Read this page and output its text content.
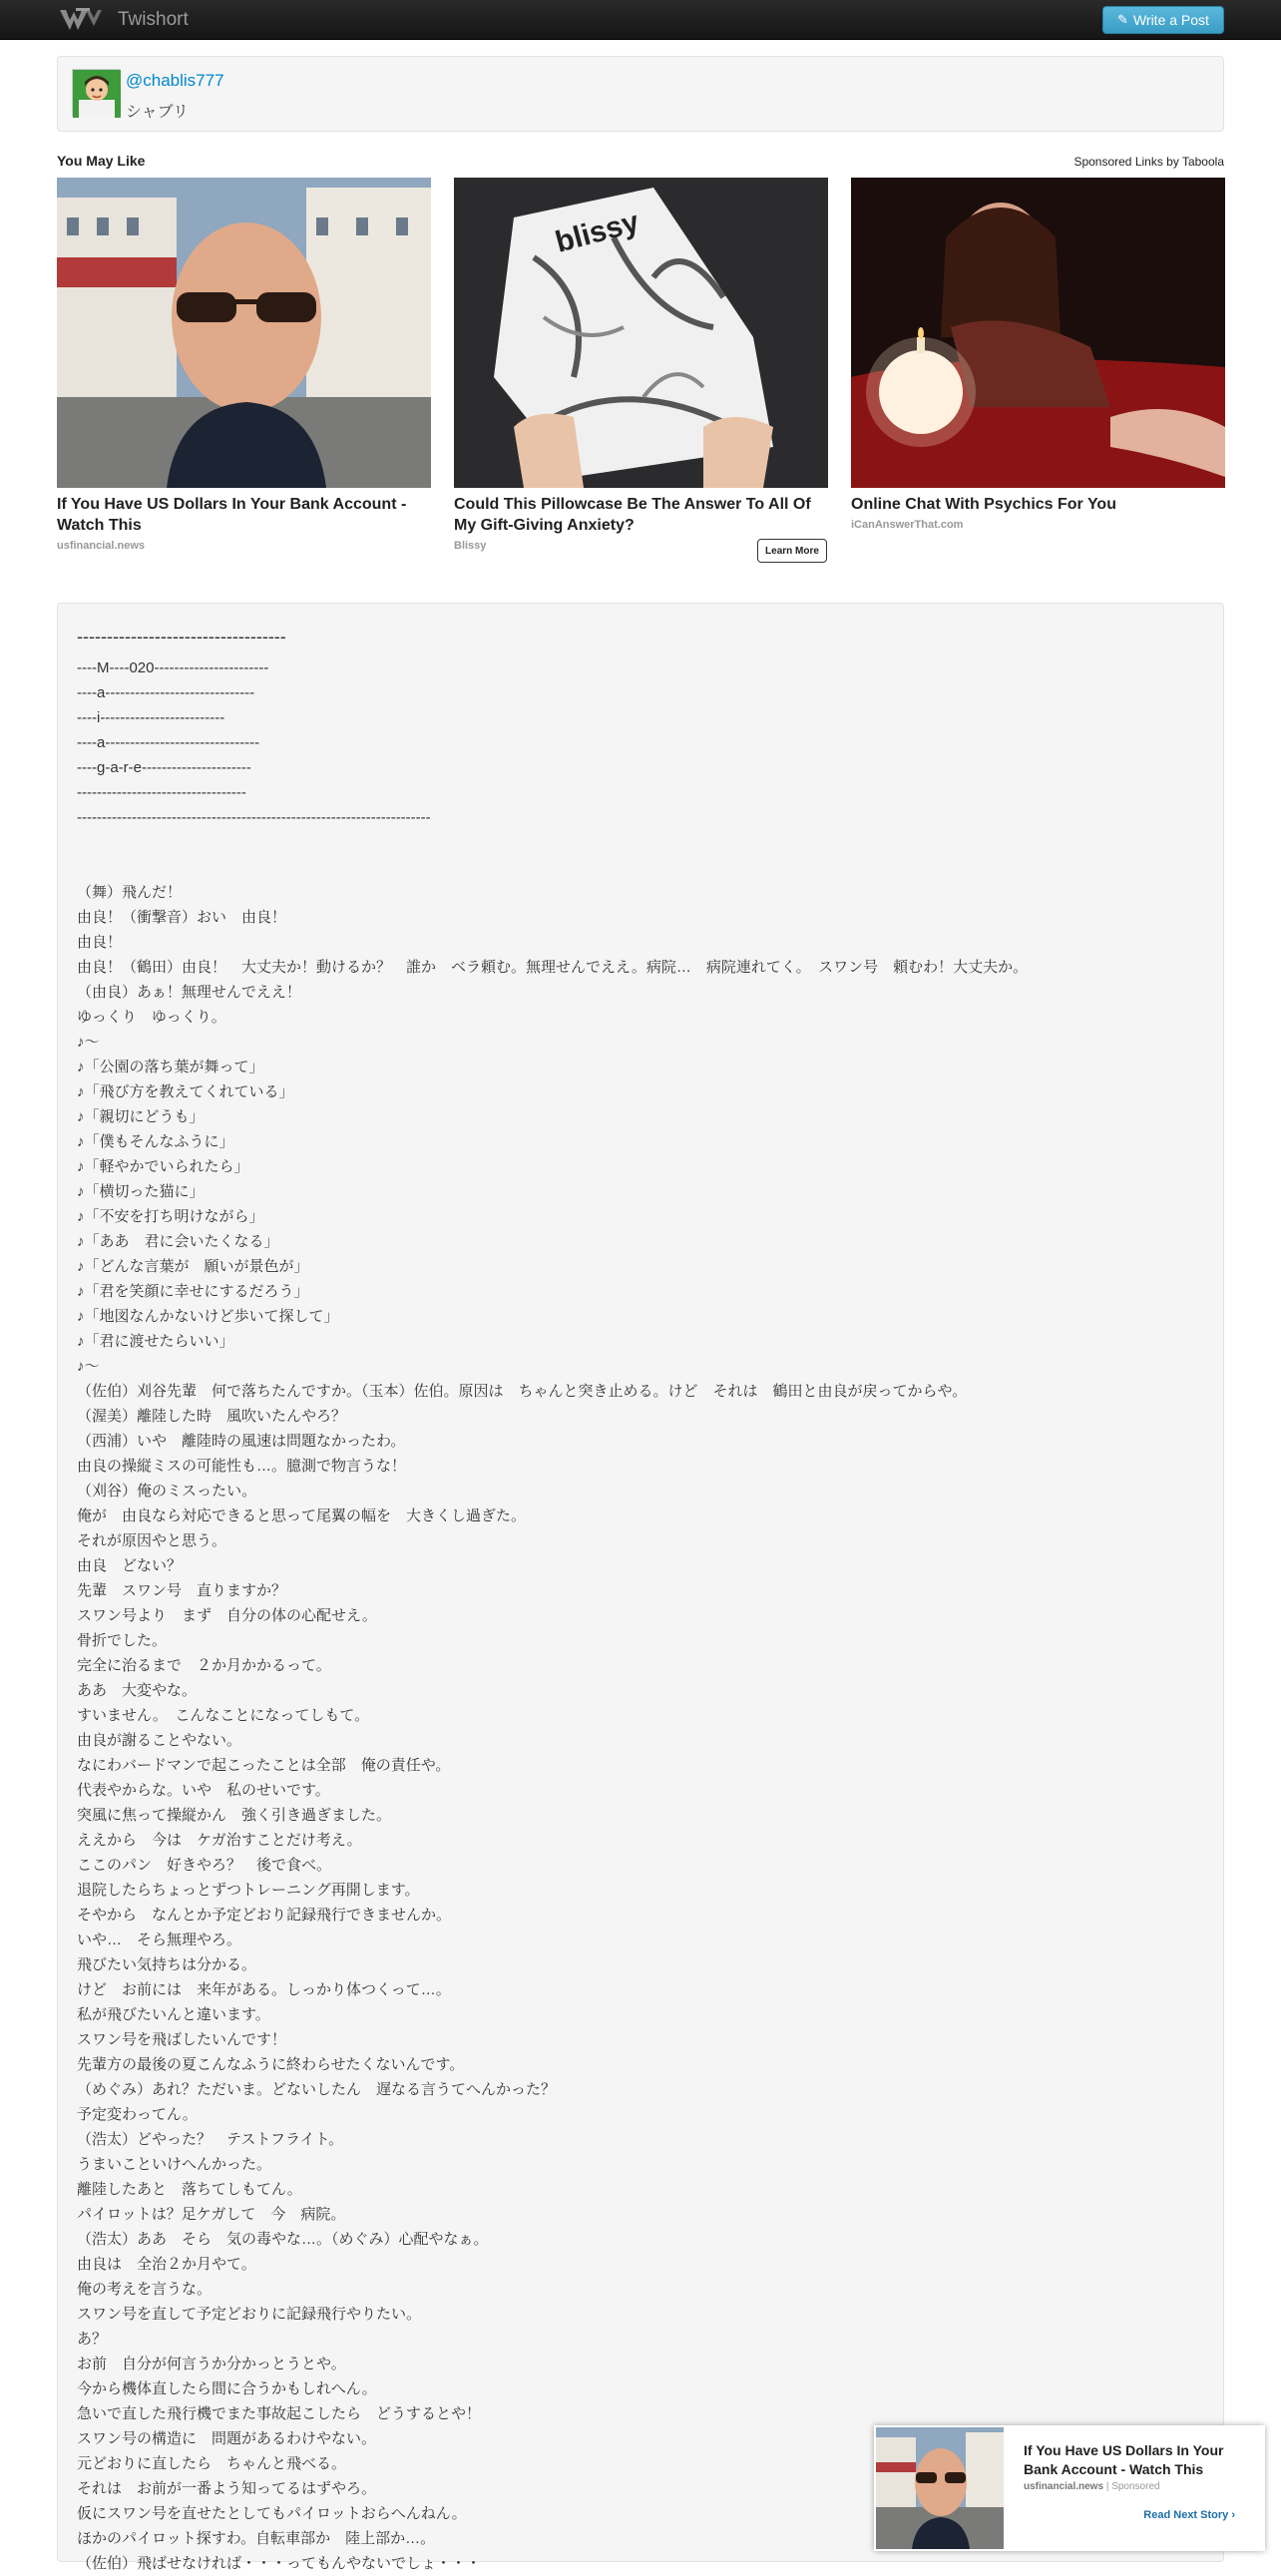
Twishort	✎ Write a Post
@chablis777
シャブリ
You May Like	Sponsored Links by Taboola
If You Have US Dollars In Your Bank Account - Watch This
usfinancial.news
blissy
Could This Pillowcase Be The Answer To All Of My Gift-Giving Anxiety?
Blissy	Learn More
Online Chat With Psychics For You
iCanAnswerThat.com
-----------------------------------
----M----020-----------------------
----a------------------------------
----i-------------------------
----a-------------------------------
----g-a-r-e----------------------
----------------------------------
-----------------------------------------------------------------------
（舞）飛んだ！
由良！（衝撃音）おい　由良！
由良！
由良！（鶴田）由良！　大丈夫か！動けるか？　誰か　ベラ頼む。無理せんでええ。病院…　病院連れてく。　スワン号　頼むわ！大丈夫か。
（由良）あぁ！無理せんでええ！
ゆっくり　ゆっくり。
♪～
♪「公園の落ち葉が舞って」
♪「飛び方を教えてくれている」
♪「親切にどうも」
♪「僕もそんなふうに」
♪「軽やかでいられたら」
♪「横切った猫に」
♪「不安を打ち明けながら」
♪「ああ　君に会いたくなる」
♪「どんな言葉が　願いが景色が」
♪「君を笑顔に幸せにするだろう」
♪「地図なんかないけど歩いて探して」
♪「君に渡せたらいい」
♪～
（佐伯）刈谷先輩　何で落ちたんですか。（玉本）佐伯。原因は　ちゃんと突き止める。けど　それは　鶴田と由良が戻ってからや。
（渥美）離陸した時　風吹いたんやろ？
（西浦）いや　離陸時の風速は問題なかったわ。
由良の操縦ミスの可能性も…。臆測で物言うな！
（刈谷）俺のミスったい。
俺が　由良なら対応できると思って尾翼の幅を　大きくし過ぎた。
それが原因やと思う。
由良　どない？
先輩　スワン号　直りますか？
スワン号より　まず　自分の体の心配せえ。
骨折でした。
完全に治るまで　２か月かかるって。
ああ　大変やな。
すいません。　こんなことになってしもて。
由良が謝ることやない。
なにわバードマンで起こったことは全部　俺の責任や。
代表やからな。いや　私のせいです。
突風に焦って操縦かん　強く引き過ぎました。
ええから　今は　ケガ治すことだけ考え。
ここのパン　好きやろ？　後で食べ。
退院したらちょっとずつトレーニング再開します。
そやから　なんとか予定どおり記録飛行できませんか。
いや…　そら無理やろ。
飛びたい気持ちは分かる。
けど　お前には　来年がある。しっかり体つくって…。
私が飛びたいんと違います。
スワン号を飛ばしたいんです！
先輩方の最後の夏こんなふうに終わらせたくないんです。
（めぐみ）あれ？ただいま。どないしたん　遅なる言うてへんかった？
予定変わってん。
（浩太）どやった？　テストフライト。
うまいこといけへんかった。
離陸したあと　落ちてしもてん。
パイロットは？足ケガして　今　病院。
（浩太）ああ　そら　気の毒やな…。（めぐみ）心配やなぁ。
由良は　全治２か月やて。
俺の考えを言うな。
スワン号を直して予定どおりに記録飛行やりたい。
あ？
お前　自分が何言うか分かっとうとや。
今から機体直したら間に合うかもしれへん。
急いで直した飛行機でまた事故起こしたら　どうするとや！
スワン号の構造に　問題があるわけやない。
元どおりに直したら　ちゃんと飛べる。
それは　お前が一番よう知ってるはずやろ。
仮にスワン号を直せたとしてもパイロットおらへんねん。
ほかのパイロット探すわ。自転車部か　陸上部か…。
（佐伯）飛ばせなければ・・・ってもんやないでしょ・・・
If You Have US Dollars In Your Bank Account - Watch This
usfinancial.news | Sponsored
Read Next Story ›
